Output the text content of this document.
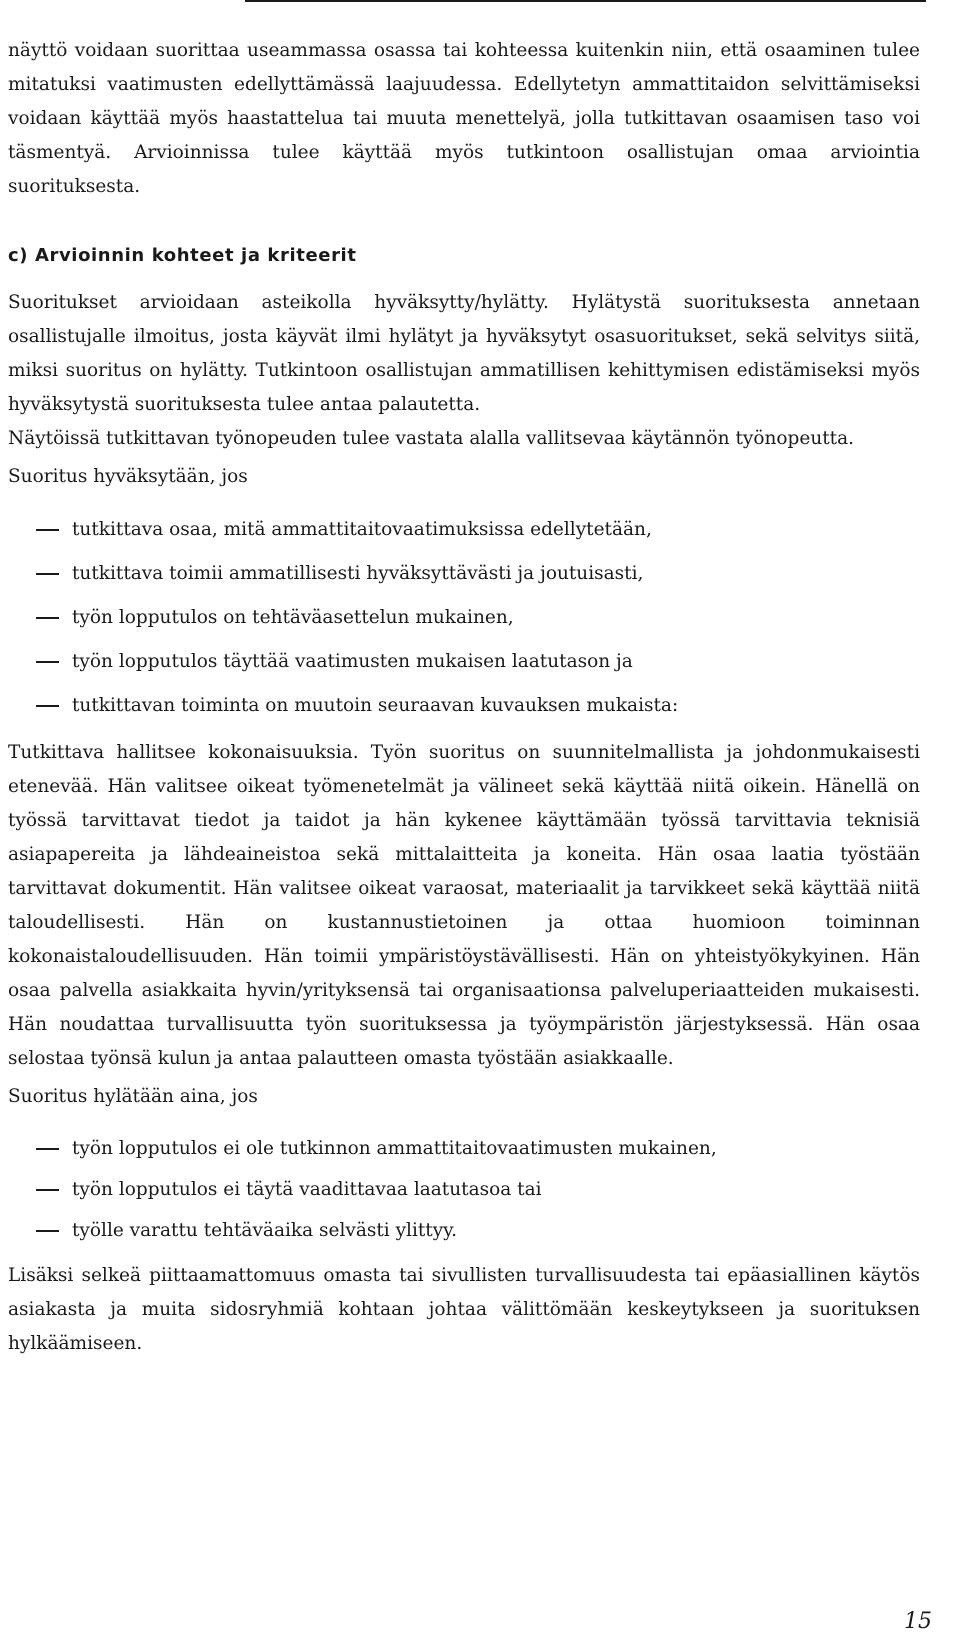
näyttö voidaan suorittaa useammassa osassa tai kohteessa kuitenkin niin, että osaaminen tulee mitatuksi vaatimusten edellyttämässä laajuudessa. Edellytetyn ammattitaidon selvittämiseksi voidaan käyttää myös haastattelua tai muuta menettelyä, jolla tutkittavan osaamisen taso voi täsmentyä. Arvioinnissa tulee käyttää myös tutkintoon osallistujan omaa arviointia suorituksesta.

c) Arvioinnin kohteet ja kriteerit

Suoritukset arvioidaan asteikolla hyväksytty/hylätty. Hylätystä suorituksesta annetaan osallistujalle ilmoitus, josta käyvät ilmi hylätyt ja hyväksytyt osasuoritukset, sekä selvitys siitä, miksi suoritus on hylätty. Tutkintoon osallistujan ammatillisen kehittymisen edistämiseksi myös hyväksytystä suorituksesta tulee antaa palautetta.

Näytöissä tutkittavan työnopeuden tulee vastata alalla vallitsevaa käytännön työnopeutta.

Suoritus hyväksytään, jos

tutkittava osaa, mitä ammattitaitovaatimuksissa edellytetään,
tutkittava toimii ammatillisesti hyväksyttävästi ja joutuisasti,
työn lopputulos on tehtäväasettelun mukainen,
työn lopputulos täyttää vaatimusten mukaisen laatutason ja
tutkittavan toiminta on muutoin seuraavan kuvauksen mukaista:

Tutkittava hallitsee kokonaisuuksia. Työn suoritus on suunnitelmallista ja johdonmukaisesti etenevää. Hän valitsee oikeat työmenetelmät ja välineet sekä käyttää niitä oikein. Hänellä on työssä tarvittavat tiedot ja taidot ja hän kykenee käyttämään työssä tarvittavia teknisiä asiapapereita ja lähdeaineistoa sekä mittalaitteita ja koneita. Hän osaa laatia työstään tarvittavat dokumentit. Hän valitsee oikeat varaosat, materiaalit ja tarvikkeet sekä käyttää niitä taloudellisesti. Hän on kustannustietoinen ja ottaa huomioon toiminnan kokonaistaloudellisuuden. Hän toimii ympäristöystävällisesti. Hän on yhteistyökykyinen. Hän osaa palvella asiakkaita hyvin/yrityksensä tai organisaationsa palveluperiaatteiden mukaisesti. Hän noudattaa turvallisuutta työn suorituksessa ja työympäristön järjestyksessä. Hän osaa selostaa työnsä kulun ja antaa palautteen omasta työstään asiakkaalle.

Suoritus hylätään aina, jos

työn lopputulos ei ole tutkinnon ammattitaitovaatimusten mukainen,
työn lopputulos ei täytä vaadittavaa laatutasoa tai
työlle varattu tehtäväaika selvästi ylittyy.

Lisäksi selkeä piittaamattomuus omasta tai sivullisten turvallisuudesta tai epäasiallinen käytös asiakasta ja muita sidosryhmiä kohtaan johtaa välittömään keskeytykseen ja suorituksen hylkäämiseen.

15
